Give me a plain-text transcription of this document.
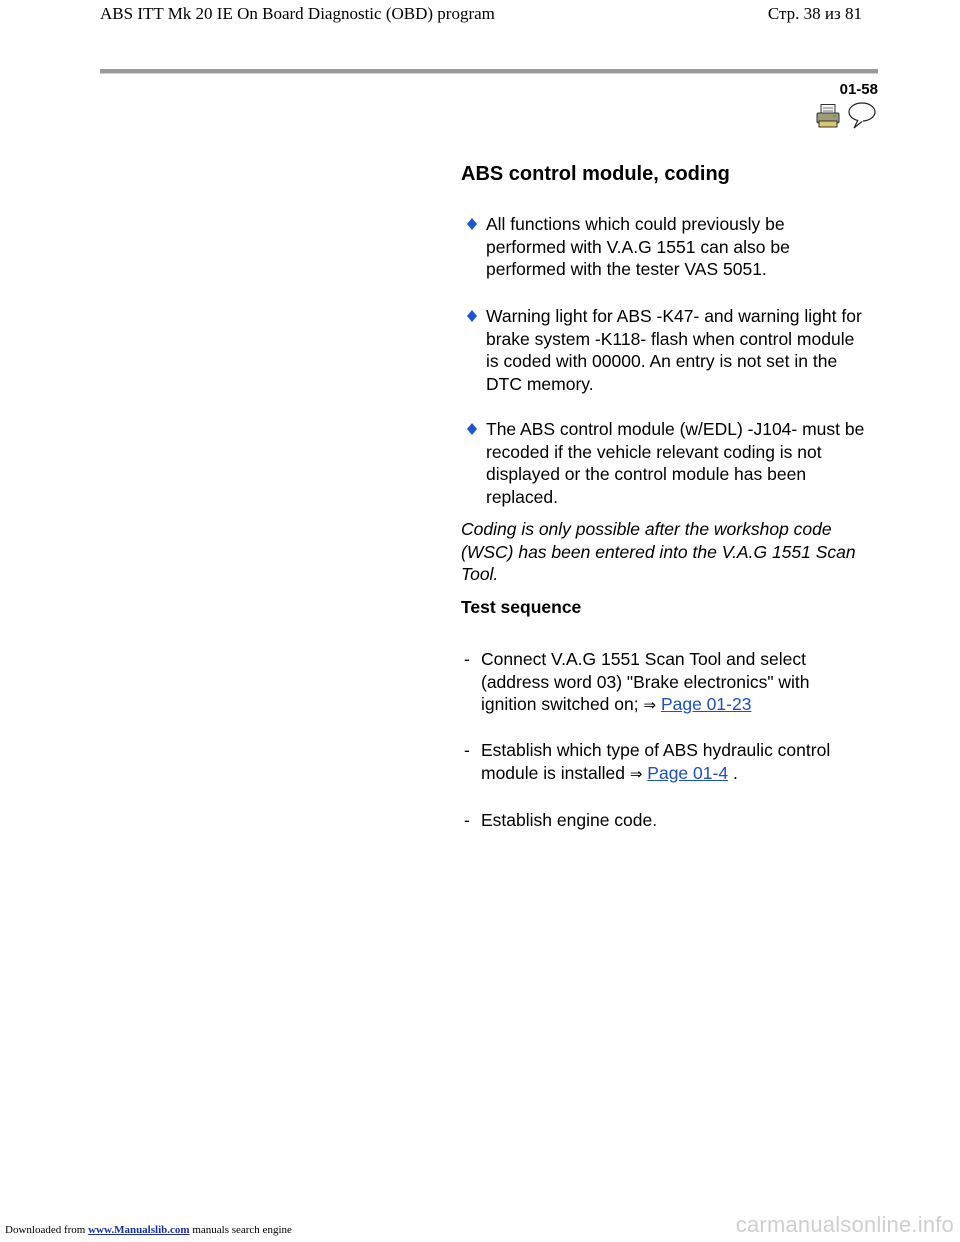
ABS ITT Mk 20 IE On Board Diagnostic (OBD) program	Стр. 38 из 81
01-58
ABS control module, coding
All functions which could previously be performed with V.A.G 1551 can also be performed with the tester VAS 5051.
Warning light for ABS -K47- and warning light for brake system -K118- flash when control module is coded with 00000. An entry is not set in the DTC memory.
The ABS control module (w/EDL) -J104- must be recoded if the vehicle relevant coding is not displayed or the control module has been replaced.
Coding is only possible after the workshop code (WSC) has been entered into the V.A.G 1551 Scan Tool.
Test sequence
- Connect V.A.G 1551 Scan Tool and select (address word 03) "Brake electronics" with ignition switched on; ⇒ Page 01-23
- Establish which type of ABS hydraulic control module is installed ⇒ Page 01-4 .
- Establish engine code.
Downloaded from www.Manualslib.com manuals search engine	carmanualsonline.info
